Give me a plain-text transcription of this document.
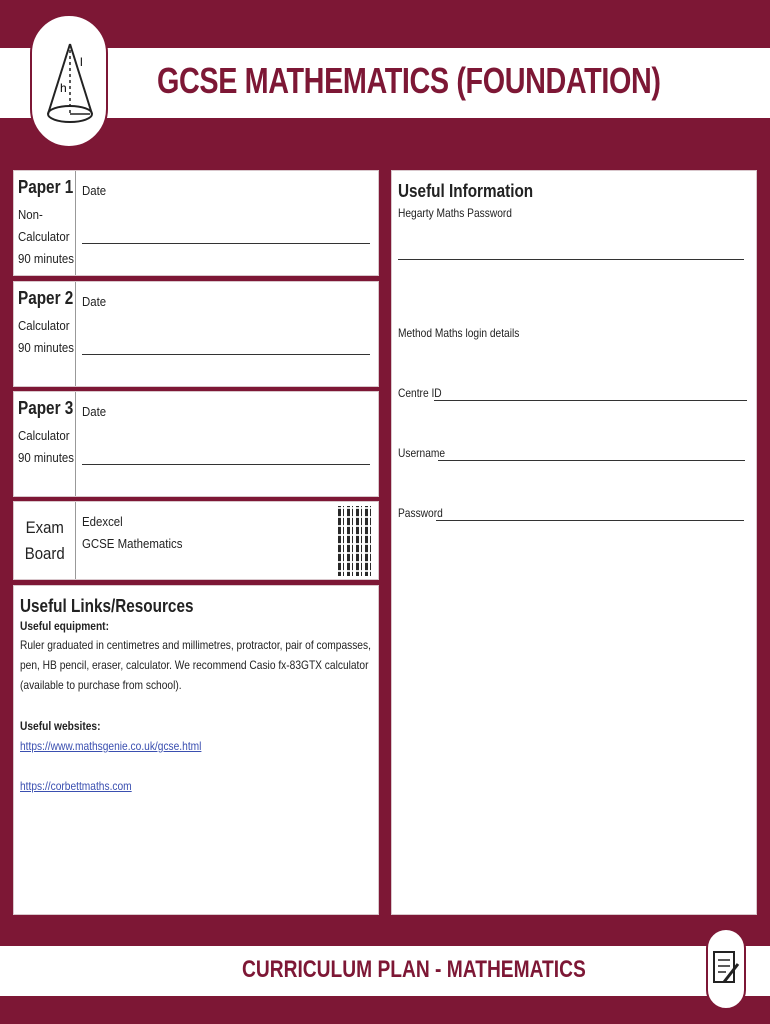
GCSE MATHEMATICS (FOUNDATION)
h
l
Paper 1
Non-
Calculator
90 minutes
Date
Paper 2
Calculator
90 minutes
Date
Paper 3
Calculator
90 minutes
Date
Exam
Board
Edexcel
GCSE Mathematics
Useful Links/Resources
Useful equipment:
Ruler graduated in centimetres and millimetres, protractor, pair of compasses, pen, HB pencil, eraser, calculator. We recommend Casio fx-83GTX calculator (available to purchase from school).
Useful websites:
https://www.mathsgenie.co.uk/gcse.html
https://corbettmaths.com
Useful Information
Hegarty Maths Password
Method Maths login details
Centre ID
Username
Password
CURRICULUM PLAN - MATHEMATICS
